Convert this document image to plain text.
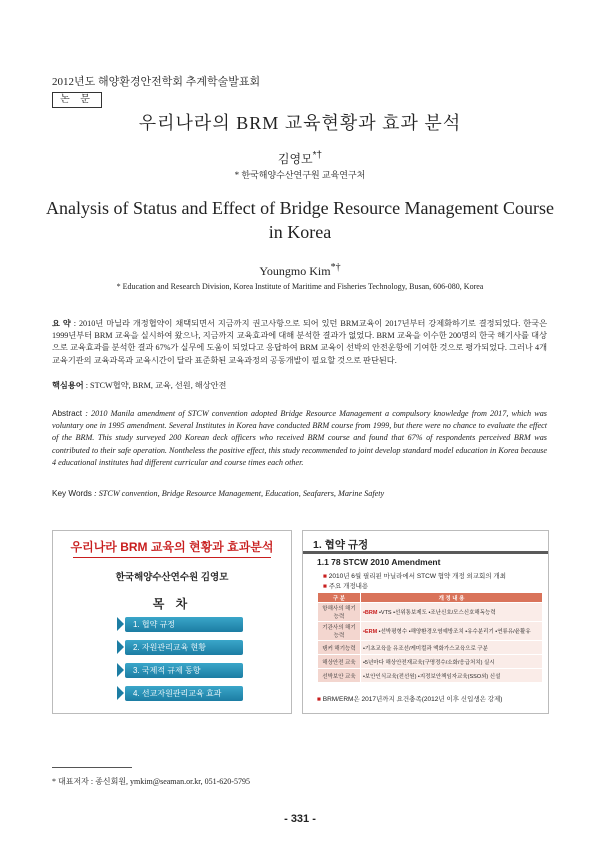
2012년도 해양환경안전학회 추계학술발표회
논 문
우리나라의 BRM 교육현황과 효과 분석
김영모*†
* 한국해양수산연구원 교육연구처
Analysis of Status and Effect of Bridge Resource Management Course
in Korea
Youngmo Kim*†
* Education and Research Division, Korea Institute of Maritime and Fisheries Technology, Busan, 606-080, Korea
요 약 : 2010년 마닐라 개정협약이 채택되면서 지금까지 권고사항으로 되어 있던 BRM교육이 2017년부터 강제화하기로 결정되었다. 한국은 1999년부터 BRM 교육을 실시하여 왔으나, 지금까지 교육효과에 대해 분석한 결과가 없었다. BRM 교육을 이수한 200명의 한국 해기사를 대상으로 교육효과를 분석한 결과 67%가 실무에 도움이 되었다고 응답하여 BRM 교육이 선박의 안전운항에 기여한 것으로 평가되었다. 그러나 4개 교육기관의 교육과목과 교육시간이 달라 표준화된 교육과정의 공동개발이 필요할 것으로 판단된다.
핵심용어 : STCW협약, BRM, 교육, 선원, 해상안전
Abstract : 2010 Manila amendment of STCW convention adopted Bridge Resource Management a compulsory knowledge from 2017, which was voluntary one in 1995 amendment. Several Institutes in Korea have conducted BRM course from 1999, but there were no chance to evaluate the effect of the BRM. This study surveyed 200 Korean deck officers who received BRM course and found that 67% of respondents perceived BRM was contributed to their safe operation. Nontheless the positive effect, this study recommended to joint develop standard model education in Korea because 4 educational institutes had different curricular and course times each other.
Key Words : STCW convention, Bridge Resource Management, Education, Seafarers, Marine Safety
우리나라 BRM 교육의 현황과 효과분석
한국해양수산연수원 김영모
목 차
1. 협약 규정
2. 자원관리교육 현황
3. 국제적 규제 동향
4. 선교자원관리교육 효과
1. 협약 규정
1.1 78 STCW 2010 Amendment
■ 2010년 6월 필리핀 마닐라에서 STCW 협약 개정 외교회의 개최
■ 주요 개정내용
구 분	개 정 내 용
항해사의 해기능력	•BRM •VTS •선위통보제도 •조난신호/모스신호해독능력
기관사의 해기능력	•ERM •선박평형수 •해양환경오염예방조치 •유수분리기 •연류유/윤활유
탱커 해기능력	•기초교육을 유조선/케미컬과 액화가스교육으로 구분
해상안전 교육	•5년마다 해상안전재교육(구명정수/소화/응급처치) 실시
선박보안 교육	•보안인식교육(전선원) •지정보안책임자교육(SSO외) 신설
■ BRM/ERM은 2017년까지 요건충족(2012년 이후 신입생은 강제)
* 대표저자 : 종신회원, ymkim@seaman.or.kr, 051-620-5795
- 331 -
